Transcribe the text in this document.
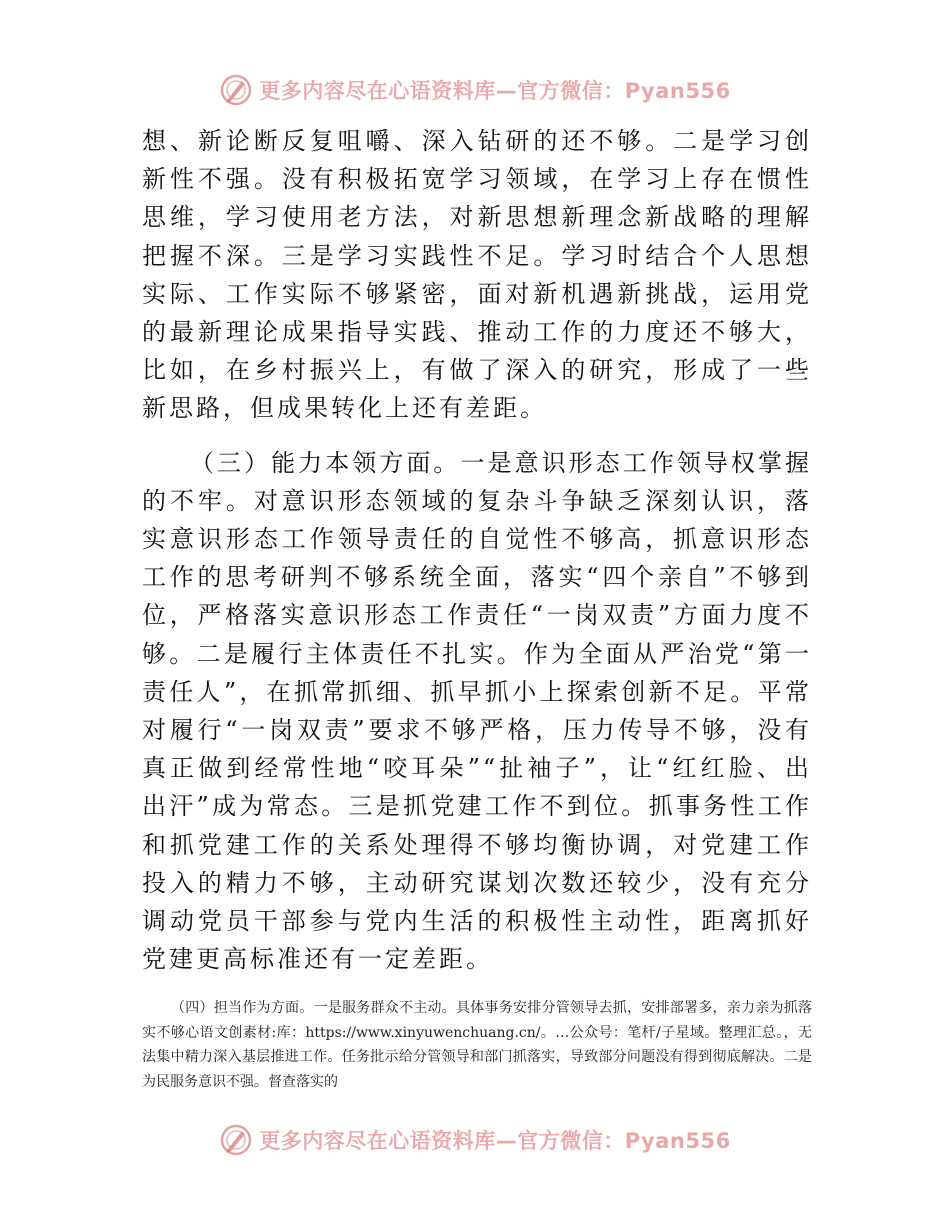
更多内容尽在心语资料库—官方微信：Pyan556

想、新论断反复咀嚼、深入钻研的还不够。二是学习创新性不强。没有积极拓宽学习领域，在学习上存在惯性思维，学习使用老方法，对新思想新理念新战略的理解把握不深。三是学习实践性不足。学习时结合个人思想实际、工作实际不够紧密，面对新机遇新挑战，运用党的最新理论成果指导实践、推动工作的力度还不够大，比如，在乡村振兴上，有做了深入的研究，形成了一些新思路，但成果转化上还有差距。

（三）能力本领方面。一是意识形态工作领导权掌握的不牢。对意识形态领域的复杂斗争缺乏深刻认识，落实意识形态工作领导责任的自觉性不够高，抓意识形态工作的思考研判不够系统全面，落实“四个亲自”不够到位，严格落实意识形态工作责任“一岗双责”方面力度不够。二是履行主体责任不扎实。作为全面从严治党“第一责任人”，在抓常抓细、抓早抓小上探索创新不足。平常对履行“一岗双责”要求不够严格，压力传导不够，没有真正做到经常性地“咬耳朵”“扯袖子”，让“红红脸、出出汗”成为常态。三是抓党建工作不到位。抓事务性工作和抓党建工作的关系处理得不够均衡协调，对党建工作投入的精力不够，主动研究谋划次数还较少，没有充分调动党员干部参与党内生活的积极性主动性，距离抓好党建更高标准还有一定差距。

（四）担当作为方面。一是服务群众不主动。具体事务安排分管领导去抓，安排部署多，亲力亲为抓落实不够心语文创素材:库：https://www.xinyuwenchuang.cn/。…公众号：笔杆/子星域。整理汇总。，无法集中精力深入基层推进工作。任务批示给分管领导和部门抓落实，导致部分问题没有得到彻底解决。二是为民服务意识不强。督查落实的

更多内容尽在心语资料库—官方微信：Pyan556
